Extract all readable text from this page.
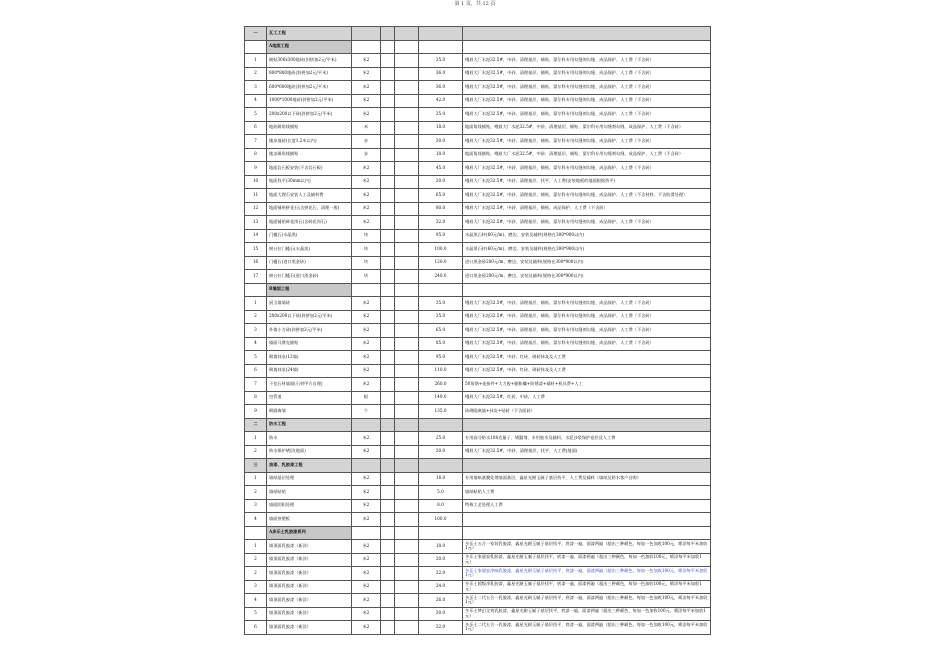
第 1 页，共 12 页
一	瓦工工程					
	A地面工程					
1	铺贴300x300地砖(斜拼加2元/平米)	米2			35.0	峨眉大厂水泥32.5#，中砂，清理基层、铺贴、蒙尔科专用勾缝剂勾缝、成品保护、人工费（不含砖）
2	800*800地砖(斜拼加2元/平米)	米2			36.0	峨眉大厂水泥32.5#，中砂，清理基层、铺贴、蒙尔科专用勾缝剂勾缝、成品保护、人工费（不含砖）
3	600*600地砖(斜拼加2元/平米)	米2			36.0	峨眉大厂水泥32.5#，中砂，清理基层、铺贴、蒙尔科专用勾缝剂勾缝、成品保护、人工费（不含砖）
4	1000*1000地砖(斜拼加2元/平米)	米2			42.0	峨眉大厂水泥32.5#，中砂，清理基层、铺贴、蒙尔科专用勾缝剂勾缝、成品保护、人工费（不含砖）
5	200x200以下砖(斜拼加2元/平米)	米2			35.0	峨眉大厂水泥32.5#，中砂，清理基层、铺贴、蒙尔科专用勾缝剂勾缝、成品保护、人工费（不含砖）
6	地砖踢角线铺贴	米			18.0	地面角线铺贴，峨眉大厂水泥32.5#，中砂，清理基层、铺贴、蒙尔科专用勾缝剂勾缝、成品保护、人工费（不含砖）
7	楼步地砖(长度1.2米以内)	步			30.0	峨眉大厂水泥32.5#，中砂，清理基层、铺贴、蒙尔科专用勾缝剂勾缝、成品保护、人工费（不含砖）
8	楼步踢角线铺贴	步			18.0	地面角线铺贴，峨眉大厂水泥32.5#，中砂，清理基层、铺贴、蒙尔科专用勾缝剂勾缝、成品保护、人工费（不含砖）
9	地面岩石板安装(不含岩石板)	米2			45.0	峨眉大厂水泥32.5#，中砂，清理基层、铺贴、蒙尔科专用勾缝剂勾缝、成品保护、人工费（不含砖）
10	地面找平(30mm以内)	米2			20.0	峨眉大厂水泥32.5#，中砂，清理基层、找平、人工费(安装地板的地面根据找平)
11	地面大理石安装人工及辅料费	米2			65.0	峨眉大厂水泥32.5#，中砂，清理基层、铺贴、蒙尔科专用勾缝剂勾缝、成品保护、人工费（不含材料，不含防滑处理）
12	地面铺贴拼花石(含拼花石，清理一般)	米2			80.0	峨眉大厂水泥32.5#，中砂，清理基层、铺贴、成品保护、人工费（不含砖）
13	地面铺贴碎花岗石(含碎花岗石)	米2			32.0	峨眉大厂水泥32.5#，中砂，清理基层、铺贴、蒙尔科专用勾缝剂勾缝、成品保护、人工费（不含砖）
14	门槛石(水晶黑)	块			95.0	水晶黑石材(60元/m)、磨边、安装及辅料(规格在300*900以内)
15	窗台拉门槛石(水晶黑)	块			100.0	水晶黑石材(60元/m)、磨边、安装及辅料(规格在300*900以内)
16	门槛石(进口黑金砂)	块			120.0	进口黑金砂200元/m、磨边、安装及辅料(规格在300*900以内)
17	窗台拉门槛石(进口黑金砂)	块			240.0	进口黑金砂200元/m、磨边、安装及辅料(规格在300*900以内)
	B墙面工程					
1	厨卫墙墙砖	米2			35.0	峨眉大厂水泥32.5#，中砂，清理基层、铺贴、蒙尔科专用勾缝剂勾缝、成品保护、人工费（不含砖）
2	200x200以下砖(斜拼加2元/平米)	米2			35.0	峨眉大厂水泥32.5#，中砂，清理基层、铺贴、蒙尔科专用勾缝剂勾缝、成品保护、人工费（不含砖）
3	外墙小方砖(斜拼加2元/平米)	米2			65.0	峨眉大厂水泥32.5#，中砂，清理基层、铺贴、蒙尔科专用勾缝剂勾缝、成品保护、人工费（不含砖）
4	墙面马赛克铺贴	米2			85.0	峨眉大厂水泥32.5#，中砂，清理基层、铺贴、蒙尔科专用勾缝剂勾缝、成品保护、人工费（不含砖）
5	砌墙抹灰(12墙)	米2			95.0	峨眉大厂水泥32.5#，中砂，红砖、砌砖抹灰及人工费
6	砌墙抹灰(24墙)	米2			110.0	峨眉大厂水泥32.5#，中砂，红砖、砌砖抹灰及人工费
7	干挂石材墙面(石材甲方自理)	米2			260.0	50角钢+连接件+大力胶+膨胀螺+防锈漆+辅材+机具费+人工
8	包管道	根			140.0	峨眉大厂水泥32.5#，红砖，中砂，人工费
9	砌隔离墙	个			135.0	砖砌隔离墙+抹灰+贴砖（不含面砖）
二	防水工程					
1	防水	米2			25.0	专用高分防水108克量子、堵漏剂、专用胶水及辅料，水泥沙浆保护卷层及人工费
2	防水保护堵层(地面)	米2			20.0	峨眉大厂水泥32.5#，中砂，清理基层、找平、人工费(地面)
三	油漆、乳胶漆工程					
1	墙纸基层处理	米2			16.0	专用墙纸基膜处理墙面基层，鑫星光耐玉腻子基层找平、人工费及辅料（墙纸及防水客户自购）
2	墙纸贴贴	米2			5.0	墙纸粘贴人工费
3	墙面阴阳处理	米2			8.0	特殊工艺处理人工费
4	墙面挤塑板	米2			100.0	
	A多乐士乳胶漆系列					
1	墙顶面乳胶漆（新涂）	米2			18.0	多乐士五合一家装乳胶漆，鑫星光耐玉腻子基层找平，底漆一遍，面漆两遍（超出三种颜色，每加一色加收100元，喷涂每平米加收1元）
2	墙顶面乳胶漆（新涂）	米2			20.0	多乐士家丽安乳胶漆，鑫星光耐玉腻子基层找平，底漆一遍，面漆两遍（超出三种颜色，每加一色加收100元，喷涂每平米加收1元）
2	墙顶面乳胶漆（新涂）	米2			22.0	多乐士家丽安净味乳胶漆，鑫星光耐玉腻子基层找平，底漆一遍，面漆两遍（超出三种颜色，每加一色加收100元，喷涂每平米加收1元）
3	墙顶面乳胶漆（新涂）	米2			24.0	多乐士超级净乳胶漆，鑫星光耐玉腻子基层找平，底漆一遍，面漆两遍（超出三种颜色，每加一色加收100元，喷涂每平米加收1元）
4	墙顶面乳胶漆（新涂）	米2			26.0	多乐士二代五合一乳胶漆，鑫星光耐玉腻子基层找平，底漆一遍，面漆两遍（超出三种颜色，每加一色加收100元，喷涂每平米加收1元）
5	墙顶面乳胶漆（新涂）	米2			30.0	多乐士梦幻全效乳胶漆，鑫星光耐玉腻子基层找平，底漆一遍，面漆两遍（超出三种颜色，每加一色加收100元，喷涂每平米加收1元）
6	墙顶面乳胶漆（新涂）	米2			32.0	多乐士二代五合一乳胶漆，鑫星光耐玉腻子基层找平，底漆一遍，面漆两遍（超出三种颜色，每加一色加收100元，喷涂每平米加收1元）
